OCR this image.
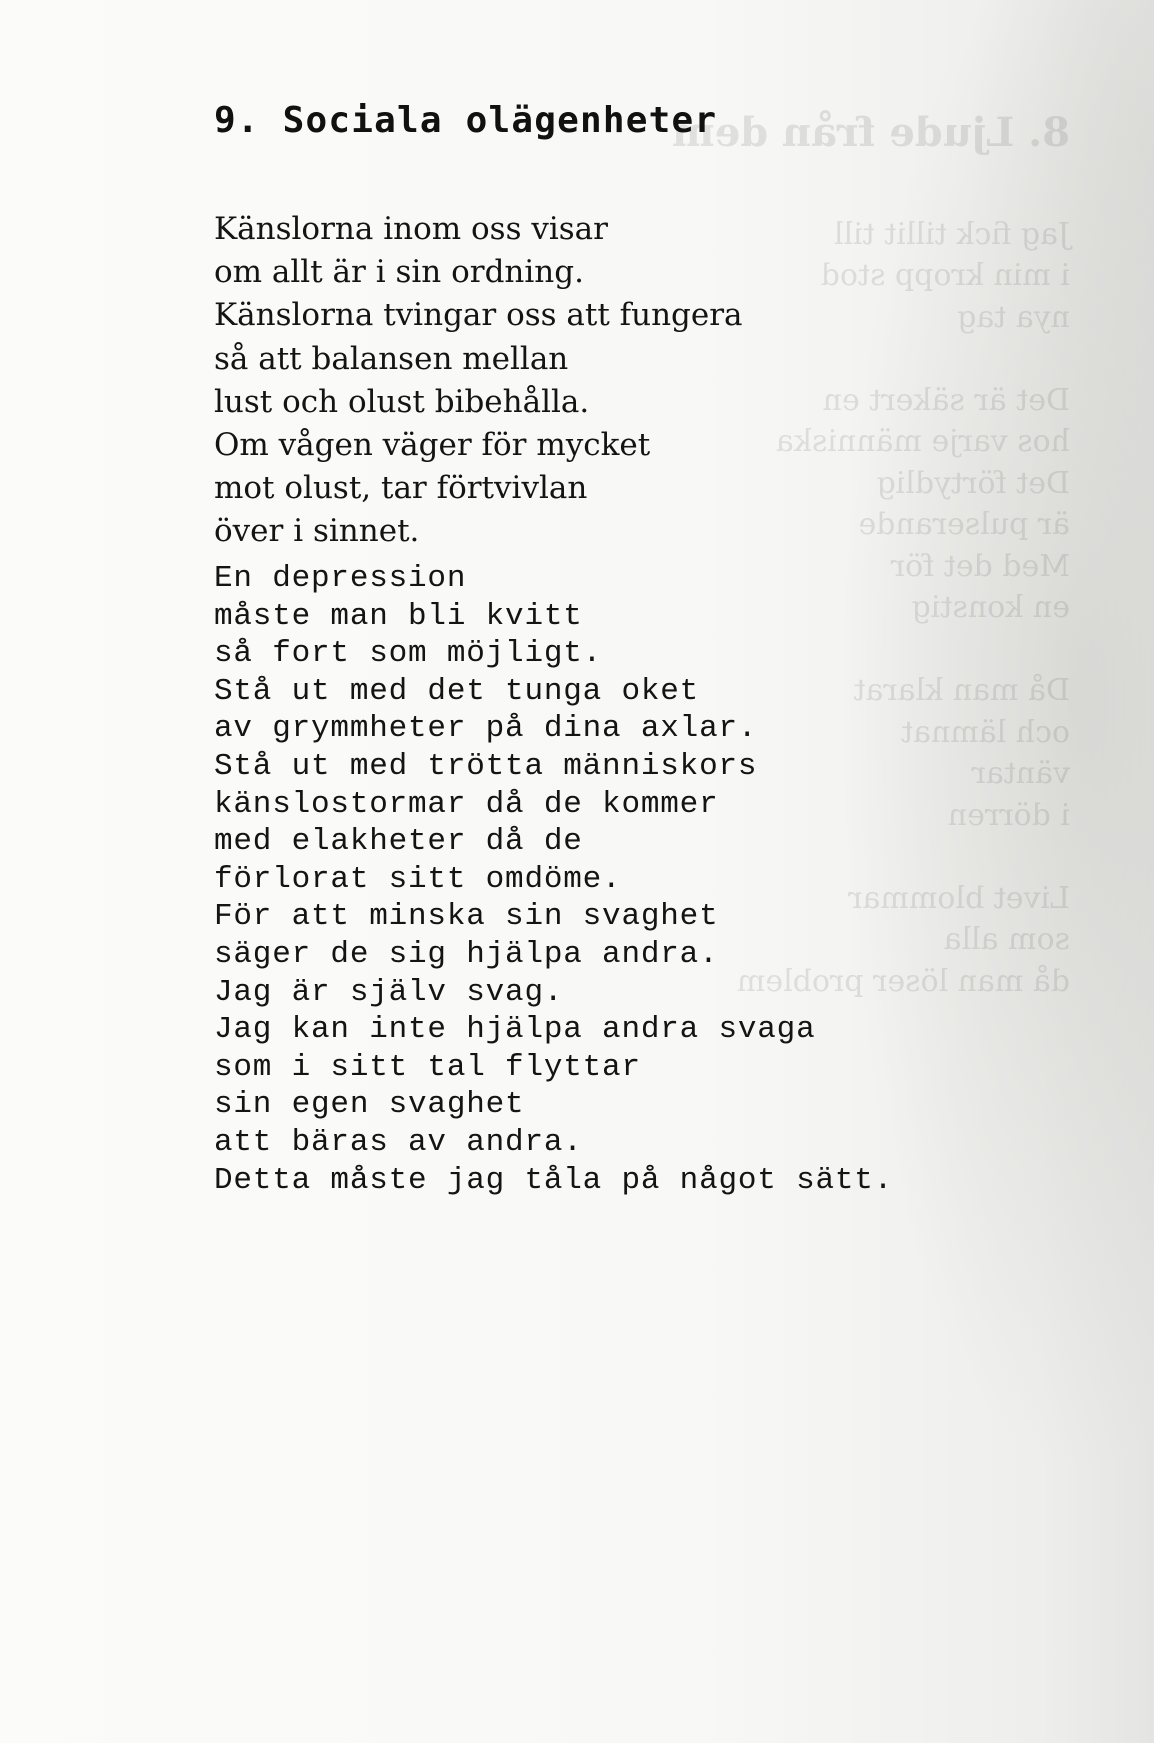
8. Ljude från dem
Jag fick tillit till
i min kropp stod
nya tag

Det är säkert en
hos varje människa
Det förtydlig
är pulserande
Med det för
en konstig

Då man klarat
och lämnat
väntar
i dörren

Livet blommar
som alla
då man löser problem
9. Sociala olägenheter
Känslorna inom oss visar
om allt är i sin ordning.
Känslorna tvingar oss att fungera
så att balansen mellan
lust och olust bibehålla.
Om vågen väger för mycket
mot olust, tar förtvivlan
över i sinnet.
En depression
måste man bli kvitt
så fort som möjligt.
Stå ut med det tunga oket
av grymmheter på dina axlar.
Stå ut med trötta människors
känslostormar då de kommer
med elakheter då de
förlorat sitt omdöme.
För att minska sin svaghet
säger de sig hjälpa andra.
Jag är själv svag.
Jag kan inte hjälpa andra svaga
som i sitt tal flyttar
sin egen svaghet
att bäras av andra.
Detta måste jag tåla på något sätt.
